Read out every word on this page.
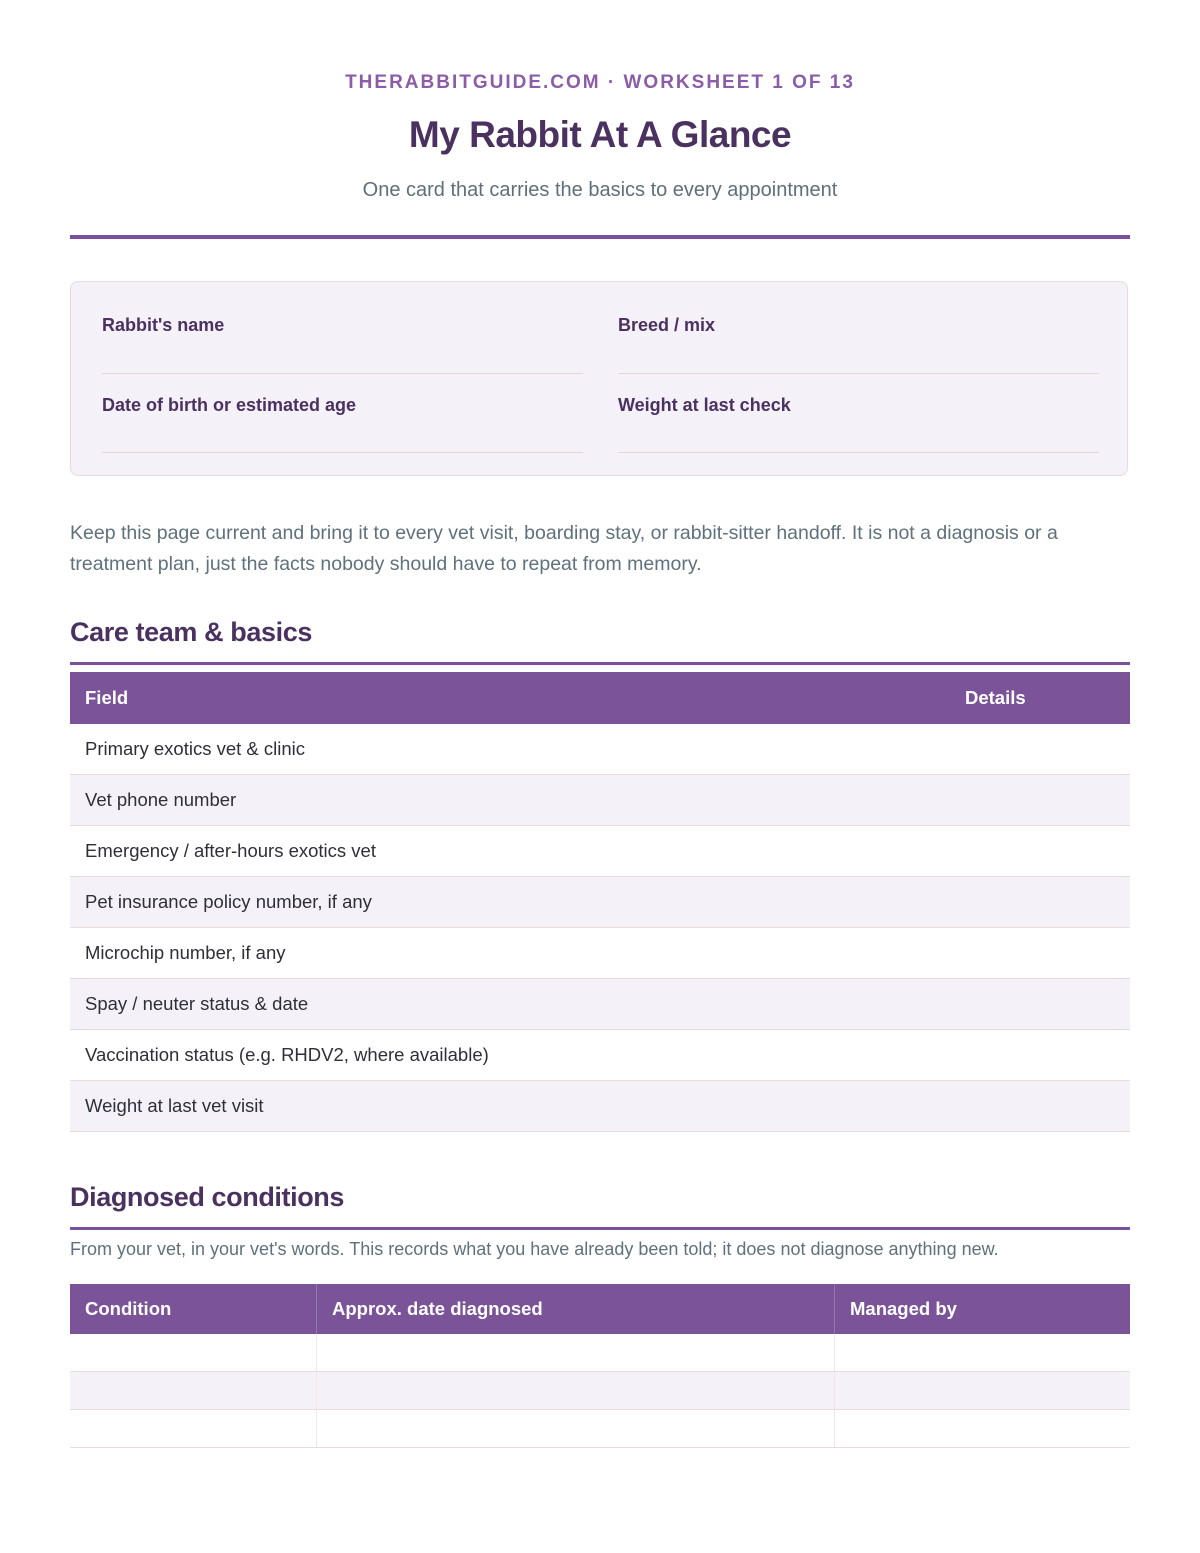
THERABBITGUIDE.COM · WORKSHEET 1 OF 13
My Rabbit At A Glance
One card that carries the basics to every appointment
Rabbit's name	Breed / mix
Date of birth or estimated age	Weight at last check
Keep this page current and bring it to every vet visit, boarding stay, or rabbit-sitter handoff. It is not a diagnosis or a treatment plan, just the facts nobody should have to repeat from memory.
Care team & basics
Field	Details
Primary exotics vet & clinic	
Vet phone number	
Emergency / after-hours exotics vet	
Pet insurance policy number, if any	
Microchip number, if any	
Spay / neuter status & date	
Vaccination status (e.g. RHDV2, where available)	
Weight at last vet visit	
Diagnosed conditions
From your vet, in your vet's words. This records what you have already been told; it does not diagnose anything new.
Condition	Approx. date diagnosed	Managed by
